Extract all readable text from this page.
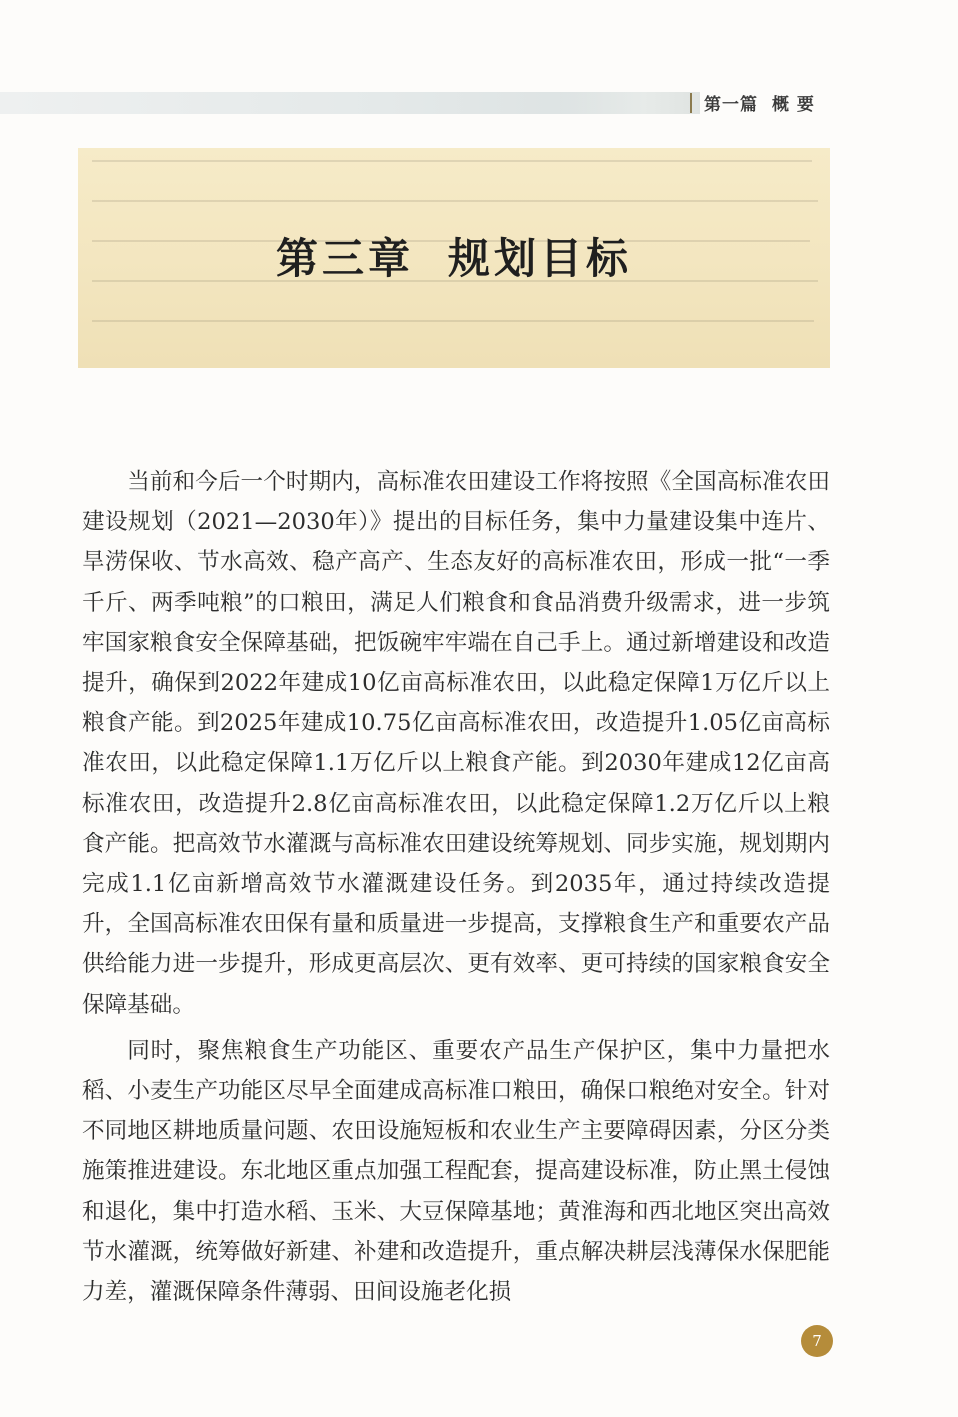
第一篇 概 要
第三章 规划目标

当前和今后一个时期内，高标准农田建设工作将按照《全国高标准农田建设规划（2021—2030年）》提出的目标任务，集中力量建设集中连片、旱涝保收、节水高效、稳产高产、生态友好的高标准农田，形成一批“一季千斤、两季吨粮”的口粮田，满足人们粮食和食品消费升级需求，进一步筑牢国家粮食安全保障基础，把饭碗牢牢端在自己手上。通过新增建设和改造提升，确保到2022年建成10亿亩高标准农田，以此稳定保障1万亿斤以上粮食产能。到2025年建成10.75亿亩高标准农田，改造提升1.05亿亩高标准农田，以此稳定保障1.1万亿斤以上粮食产能。到2030年建成12亿亩高标准农田，改造提升2.8亿亩高标准农田，以此稳定保障1.2万亿斤以上粮食产能。把高效节水灌溉与高标准农田建设统筹规划、同步实施，规划期内完成1.1亿亩新增高效节水灌溉建设任务。到2035年，通过持续改造提升，全国高标准农田保有量和质量进一步提高，支撑粮食生产和重要农产品供给能力进一步提升，形成更高层次、更有效率、更可持续的国家粮食安全保障基础。

同时，聚焦粮食生产功能区、重要农产品生产保护区，集中力量把水稻、小麦生产功能区尽早全面建成高标准口粮田，确保口粮绝对安全。针对不同地区耕地质量问题、农田设施短板和农业生产主要障碍因素，分区分类施策推进建设。东北地区重点加强工程配套，提高建设标准，防止黑土侵蚀和退化，集中打造水稻、玉米、大豆保障基地；黄淮海和西北地区突出高效节水灌溉，统筹做好新建、补建和改造提升，重点解决耕层浅薄保水保肥能力差，灌溉保障条件薄弱、田间设施老化损

7
